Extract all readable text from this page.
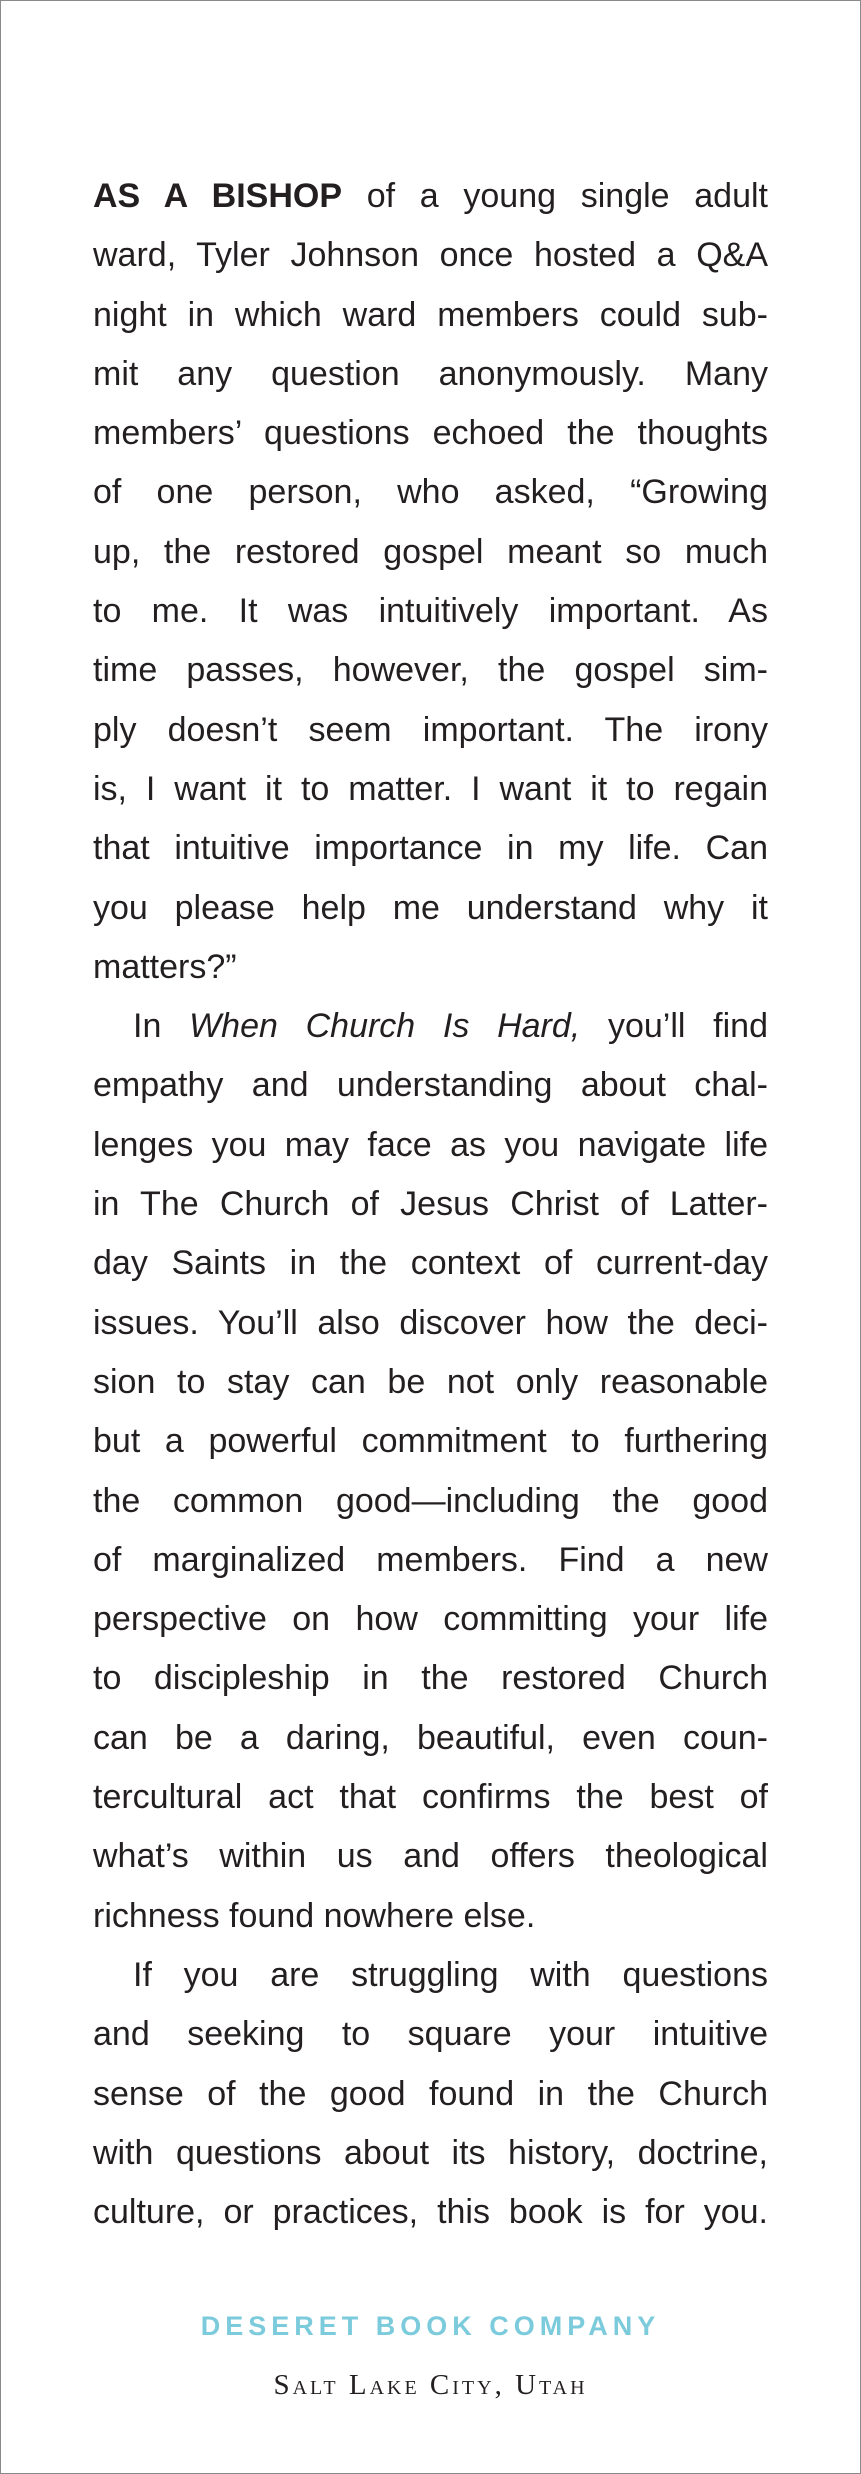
AS A BISHOP of a young single adult
ward, Tyler Johnson once hosted a Q&A
night in which ward members could sub-
mit any question anonymously. Many
members’ questions echoed the thoughts
of one person, who asked, “Growing
up, the restored gospel meant so much
to me. It was intuitively important. As
time passes, however, the gospel sim-
ply doesn’t seem important. The irony
is, I want it to matter. I want it to regain
that intuitive importance in my life. Can
you please help me understand why it
matters?”
In When Church Is Hard, you’ll find
empathy and understanding about chal-
lenges you may face as you navigate life
in The Church of Jesus Christ of Latter-
day Saints in the context of current-day
issues. You’ll also discover how the deci-
sion to stay can be not only reasonable
but a powerful commitment to furthering
the common good—including the good
of marginalized members. Find a new
perspective on how committing your life
to discipleship in the restored Church
can be a daring, beautiful, even coun-
tercultural act that confirms the best of
what’s within us and offers theological
richness found nowhere else.
If you are struggling with questions
and seeking to square your intuitive
sense of the good found in the Church
with questions about its history, doctrine,
culture, or practices, this book is for you.
DESERET BOOK COMPANY
Salt Lake City, Utah
